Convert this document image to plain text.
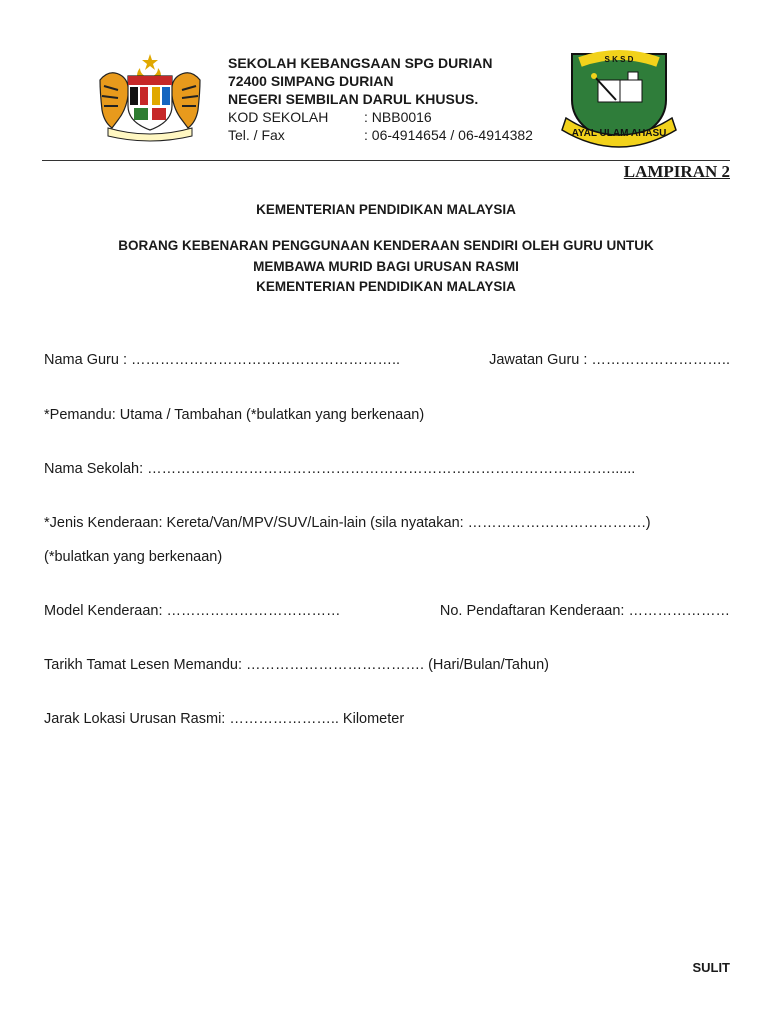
SEKOLAH KEBANGSAAN SPG DURIAN
72400 SIMPANG DURIAN
NEGERI SEMBILAN DARUL KHUSUS.
KOD SEKOLAH	: NBB0016
Tel. / Fax	: 06-4914654 / 06-4914382
S K S D
AYAL ULAM AHASU
LAMPIRAN 2
KEMENTERIAN PENDIDIKAN MALAYSIA
BORANG KEBENARAN PENGGUNAAN KENDERAAN SENDIRI OLEH GURU UNTUK
MEMBAWA MURID BAGI URUSAN RASMI
KEMENTERIAN PENDIDIKAN MALAYSIA
Nama Guru : ………………………………………………..	Jawatan Guru : ………………………..
*Pemandu: Utama / Tambahan (*bulatkan yang berkenaan)
Nama Sekolah: ……………………………………………………………………………………......
*Jenis Kenderaan: Kereta/Van/MPV/SUV/Lain-lain (sila nyatakan: ……………………………….)
(*bulatkan yang berkenaan)
Model Kenderaan: ………………………………	No. Pendaftaran Kenderaan: …………………
Tarikh Tamat Lesen Memandu: ………………………………. (Hari/Bulan/Tahun)
Jarak Lokasi Urusan Rasmi: ………………….. Kilometer
SULIT
